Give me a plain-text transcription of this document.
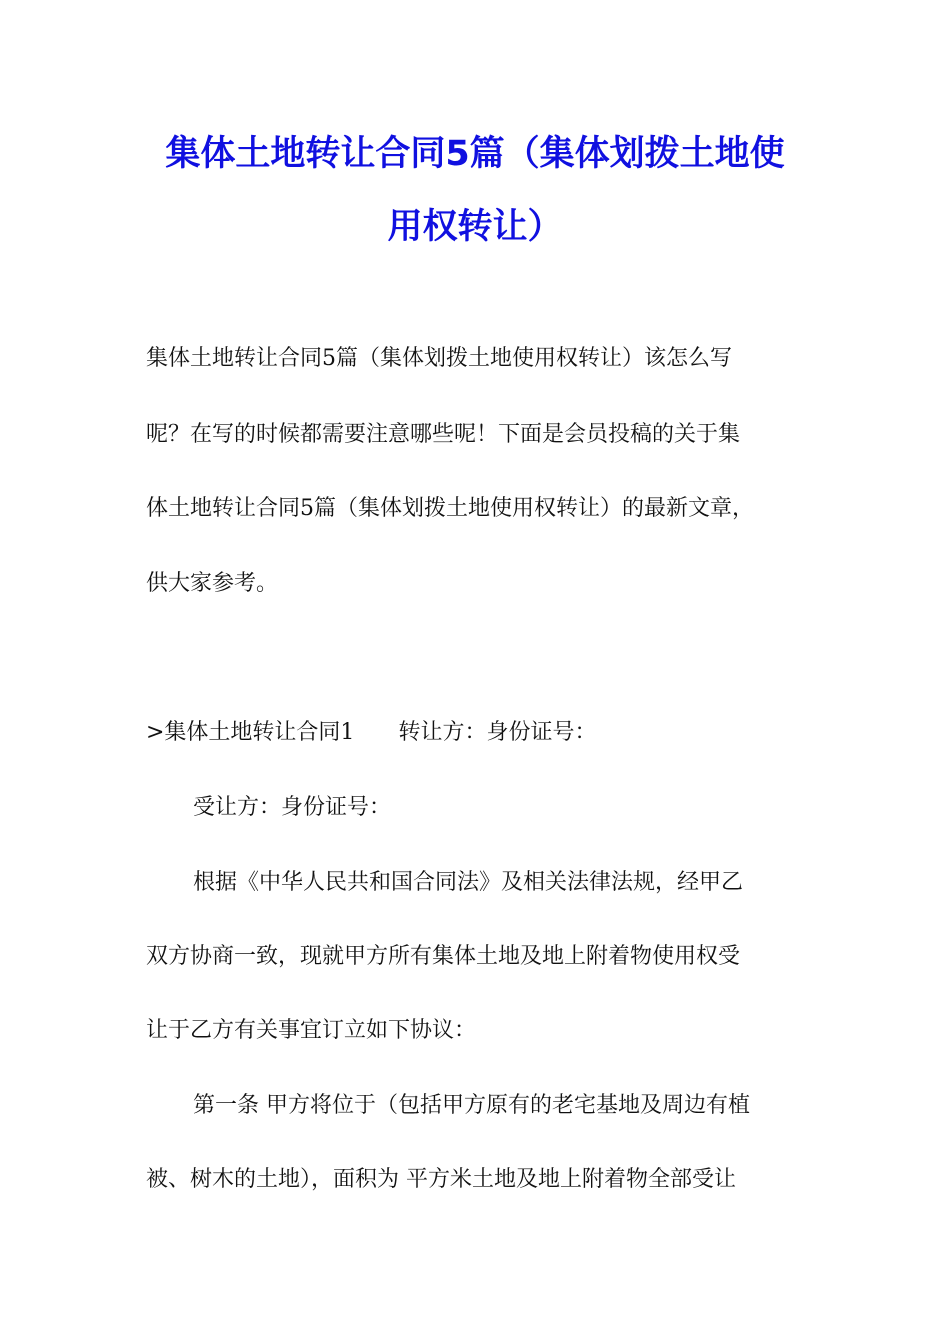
集体土地转让合同5篇（集体划拨土地使
用权转让）
集体土地转让合同5篇（集体划拨土地使用权转让）该怎么写
呢？在写的时候都需要注意哪些呢！下面是会员投稿的关于集
体土地转让合同5篇（集体划拨土地使用权转让）的最新文章，
供大家参考。
>集体土地转让合同1 转让方：身份证号：
受让方：身份证号：
根据《中华人民共和国合同法》及相关法律法规，经甲乙
双方协商一致，现就甲方所有集体土地及地上附着物使用权受
让于乙方有关事宜订立如下协议：
第一条 甲方将位于（包括甲方原有的老宅基地及周边有植
被、树木的土地），面积为 平方米土地及地上附着物全部受让
